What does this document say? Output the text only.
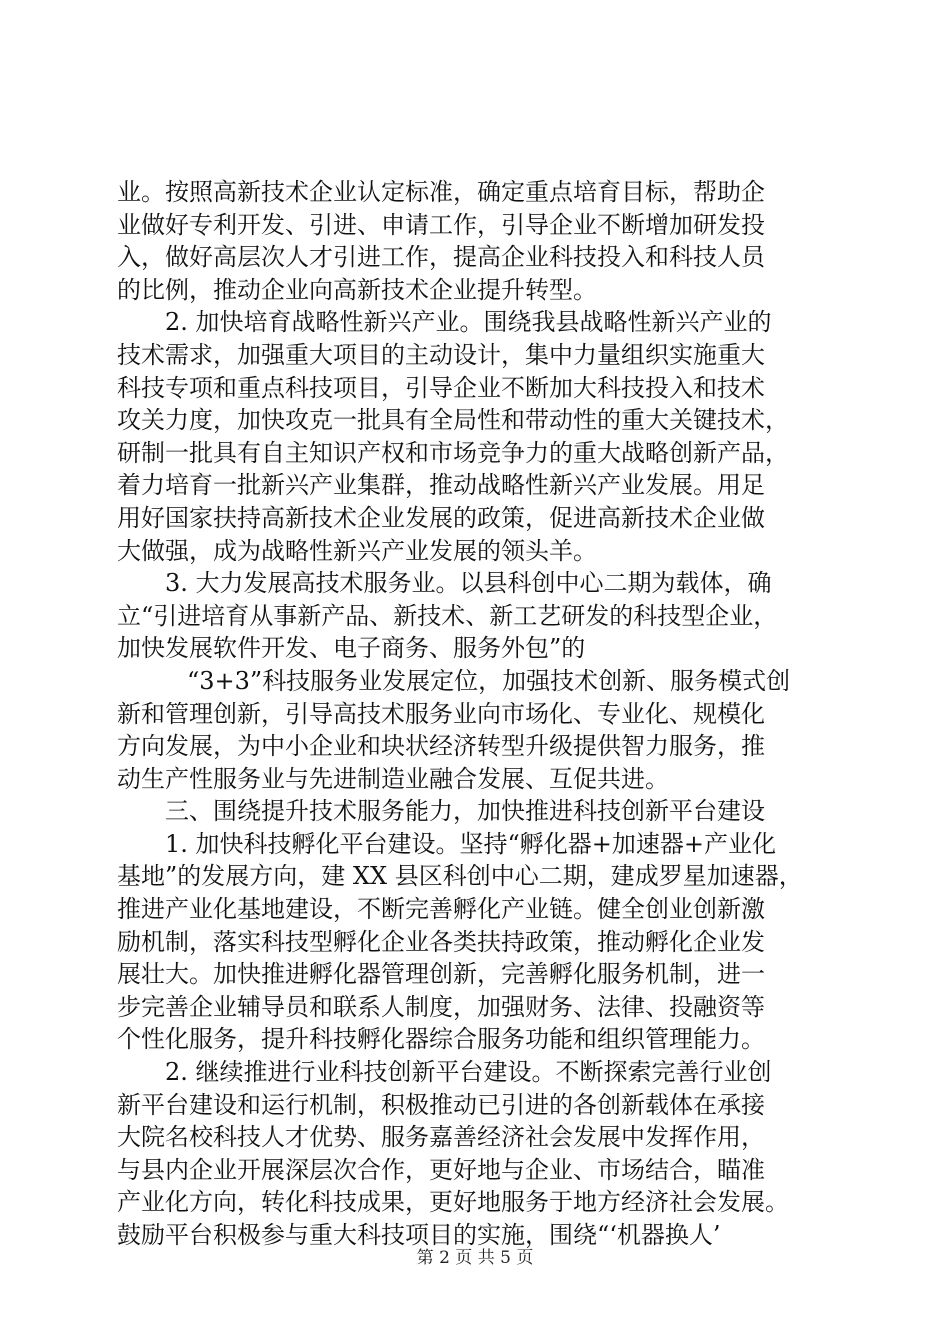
业。按照高新技术企业认定标准，确定重点培育目标，帮助企
业做好专利开发、引进、申请工作，引导企业不断增加研发投
入，做好高层次人才引进工作，提高企业科技投入和科技人员
的比例，推动企业向高新技术企业提升转型。
2. 加快培育战略性新兴产业。围绕我县战略性新兴产业的
技术需求，加强重大项目的主动设计，集中力量组织实施重大
科技专项和重点科技项目，引导企业不断加大科技投入和技术
攻关力度，加快攻克一批具有全局性和带动性的重大关键技术，
研制一批具有自主知识产权和市场竞争力的重大战略创新产品，
着力培育一批新兴产业集群，推动战略性新兴产业发展。用足
用好国家扶持高新技术企业发展的政策，促进高新技术企业做
大做强，成为战略性新兴产业发展的领头羊。
3. 大力发展高技术服务业。以县科创中心二期为载体，确
立“引进培育从事新产品、新技术、新工艺研发的科技型企业，
加快发展软件开发、电子商务、服务外包”的
“3+3”科技服务业发展定位，加强技术创新、服务模式创
新和管理创新，引导高技术服务业向市场化、专业化、规模化
方向发展，为中小企业和块状经济转型升级提供智力服务，推
动生产性服务业与先进制造业融合发展、互促共进。
三、围绕提升技术服务能力，加快推进科技创新平台建设
1. 加快科技孵化平台建设。坚持“孵化器+加速器+产业化
基地”的发展方向，建 XX 县区科创中心二期，建成罗星加速器，
推进产业化基地建设，不断完善孵化产业链。健全创业创新激
励机制，落实科技型孵化企业各类扶持政策，推动孵化企业发
展壮大。加快推进孵化器管理创新，完善孵化服务机制，进一
步完善企业辅导员和联系人制度，加强财务、法律、投融资等
个性化服务，提升科技孵化器综合服务功能和组织管理能力。
2. 继续推进行业科技创新平台建设。不断探索完善行业创
新平台建设和运行机制，积极推动已引进的各创新载体在承接
大院名校科技人才优势、服务嘉善经济社会发展中发挥作用，
与县内企业开展深层次合作，更好地与企业、市场结合，瞄准
产业化方向，转化科技成果，更好地服务于地方经济社会发展。
鼓励平台积极参与重大科技项目的实施，围绕“‘机器换人’
第 2 页 共 5 页
